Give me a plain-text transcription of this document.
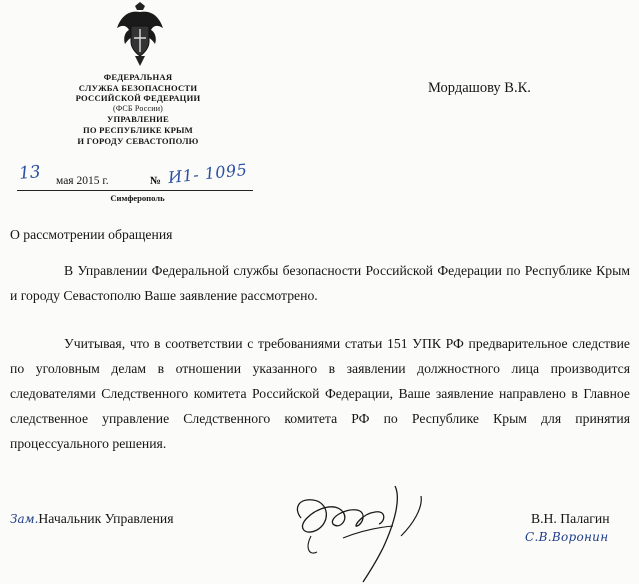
ФЕДЕРАЛЬНАЯ
СЛУЖБА БЕЗОПАСНОСТИ
РОССИЙСКОЙ ФЕДЕРАЦИИ
(ФСБ России)
УПРАВЛЕНИЕ
ПО РЕСПУБЛИКЕ КРЫМ
И ГОРОДУ СЕВАСТОПОЛЮ
Мордашову В.К.
13 мая 2015 г.	№ И1- 1095
Симферополь
О рассмотрении обращения
В Управлении Федеральной службы безопасности Российской Федерации по Республике Крым и городу Севастополю Ваше заявление рассмотрено.
Учитывая, что в соответствии с требованиями статьи 151 УПК РФ предварительное следствие по уголовным делам в отношении указанного в заявлении должностного лица производится следователями Следственного комитета Российской Федерации, Ваше заявление направлено в Главное следственное управление Следственного комитета РФ по Республике Крым для принятия процессуального решения.
Зам.Начальник Управления	В.Н. Палагин
С.В.Воронин
